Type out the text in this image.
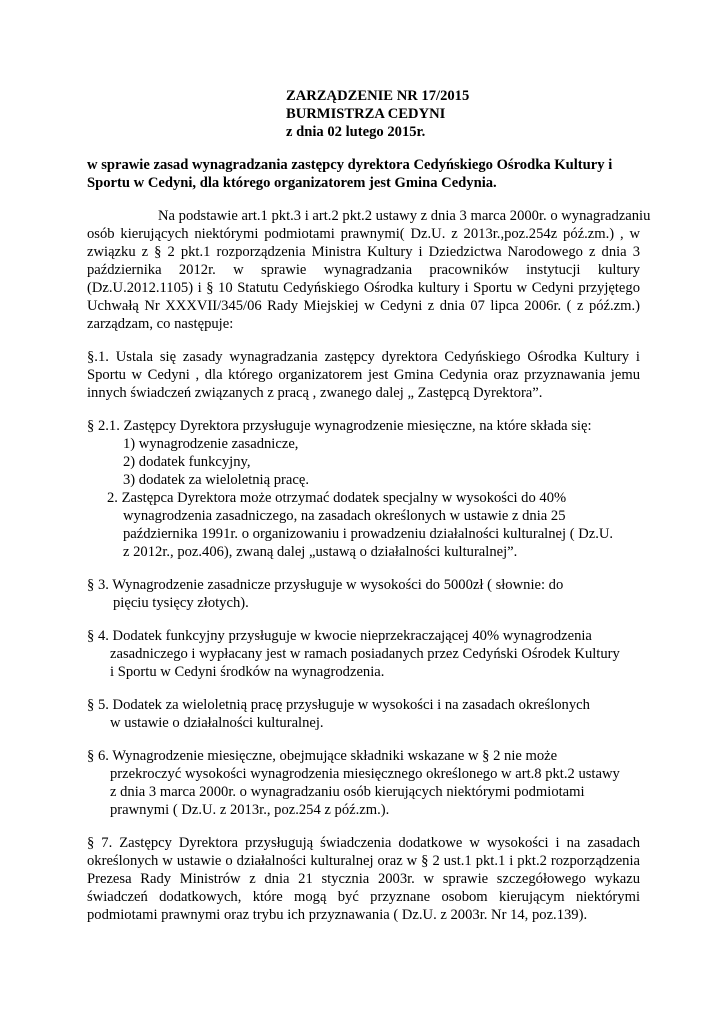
ZARZĄDZENIE NR 17/2015
BURMISTRZA CEDYNI
z dnia 02 lutego 2015r.
w sprawie zasad wynagradzania zastępcy dyrektora Cedyńskiego Ośrodka Kultury i
Sportu w Cedyni, dla którego organizatorem jest Gmina Cedynia.
Na podstawie art.1 pkt.3 i art.2 pkt.2 ustawy z dnia 3 marca 2000r. o wynagradzaniu
osób kierujących niektórymi podmiotami prawnymi( Dz.U. z 2013r.,poz.254z póź.zm.) , w
związku z § 2 pkt.1 rozporządzenia Ministra Kultury i Dziedzictwa Narodowego z dnia 3
października 2012r. w sprawie wynagradzania pracowników instytucji kultury
(Dz.U.2012.1105) i § 10 Statutu Cedyńskiego Ośrodka kultury i Sportu w Cedyni przyjętego
Uchwałą Nr XXXVII/345/06 Rady Miejskiej w Cedyni z dnia 07 lipca 2006r. ( z póź.zm.)
zarządzam, co następuje:
§.1. Ustala się zasady wynagradzania zastępcy dyrektora Cedyńskiego Ośrodka Kultury i
Sportu w Cedyni , dla którego organizatorem jest Gmina Cedynia oraz przyznawania jemu
innych świadczeń związanych z pracą , zwanego dalej „ Zastępcą Dyrektora”.
§ 2.1. Zastępcy Dyrektora przysługuje wynagrodzenie miesięczne, na które składa się:
1) wynagrodzenie zasadnicze,
2) dodatek funkcyjny,
3) dodatek za wieloletnią pracę.
2. Zastępca Dyrektora może otrzymać dodatek specjalny w wysokości do 40%
wynagrodzenia zasadniczego, na zasadach określonych w ustawie z dnia 25
października 1991r. o organizowaniu i prowadzeniu działalności kulturalnej ( Dz.U.
z 2012r., poz.406), zwaną dalej „ustawą o działalności kulturalnej”.
§ 3. Wynagrodzenie zasadnicze przysługuje w wysokości do 5000zł ( słownie: do
pięciu tysięcy złotych).
§ 4. Dodatek funkcyjny przysługuje w kwocie nieprzekraczającej 40% wynagrodzenia
zasadniczego i wypłacany jest w ramach posiadanych przez Cedyński Ośrodek Kultury
i Sportu w Cedyni środków na wynagrodzenia.
§ 5. Dodatek za wieloletnią pracę przysługuje w wysokości i na zasadach określonych
w ustawie o działalności kulturalnej.
§ 6. Wynagrodzenie miesięczne, obejmujące składniki wskazane w § 2 nie może
przekroczyć wysokości wynagrodzenia miesięcznego określonego w art.8 pkt.2 ustawy
z dnia 3 marca 2000r. o wynagradzaniu osób kierujących niektórymi podmiotami
prawnymi ( Dz.U. z 2013r., poz.254 z póź.zm.).
§ 7. Zastępcy Dyrektora przysługują świadczenia dodatkowe w wysokości i na zasadach
określonych w ustawie o działalności kulturalnej oraz w § 2 ust.1 pkt.1 i pkt.2 rozporządzenia
Prezesa Rady Ministrów z dnia 21 stycznia 2003r. w sprawie szczegółowego wykazu
świadczeń dodatkowych, które mogą być przyznane osobom kierującym niektórymi
podmiotami prawnymi oraz trybu ich przyznawania ( Dz.U. z 2003r. Nr 14, poz.139).
